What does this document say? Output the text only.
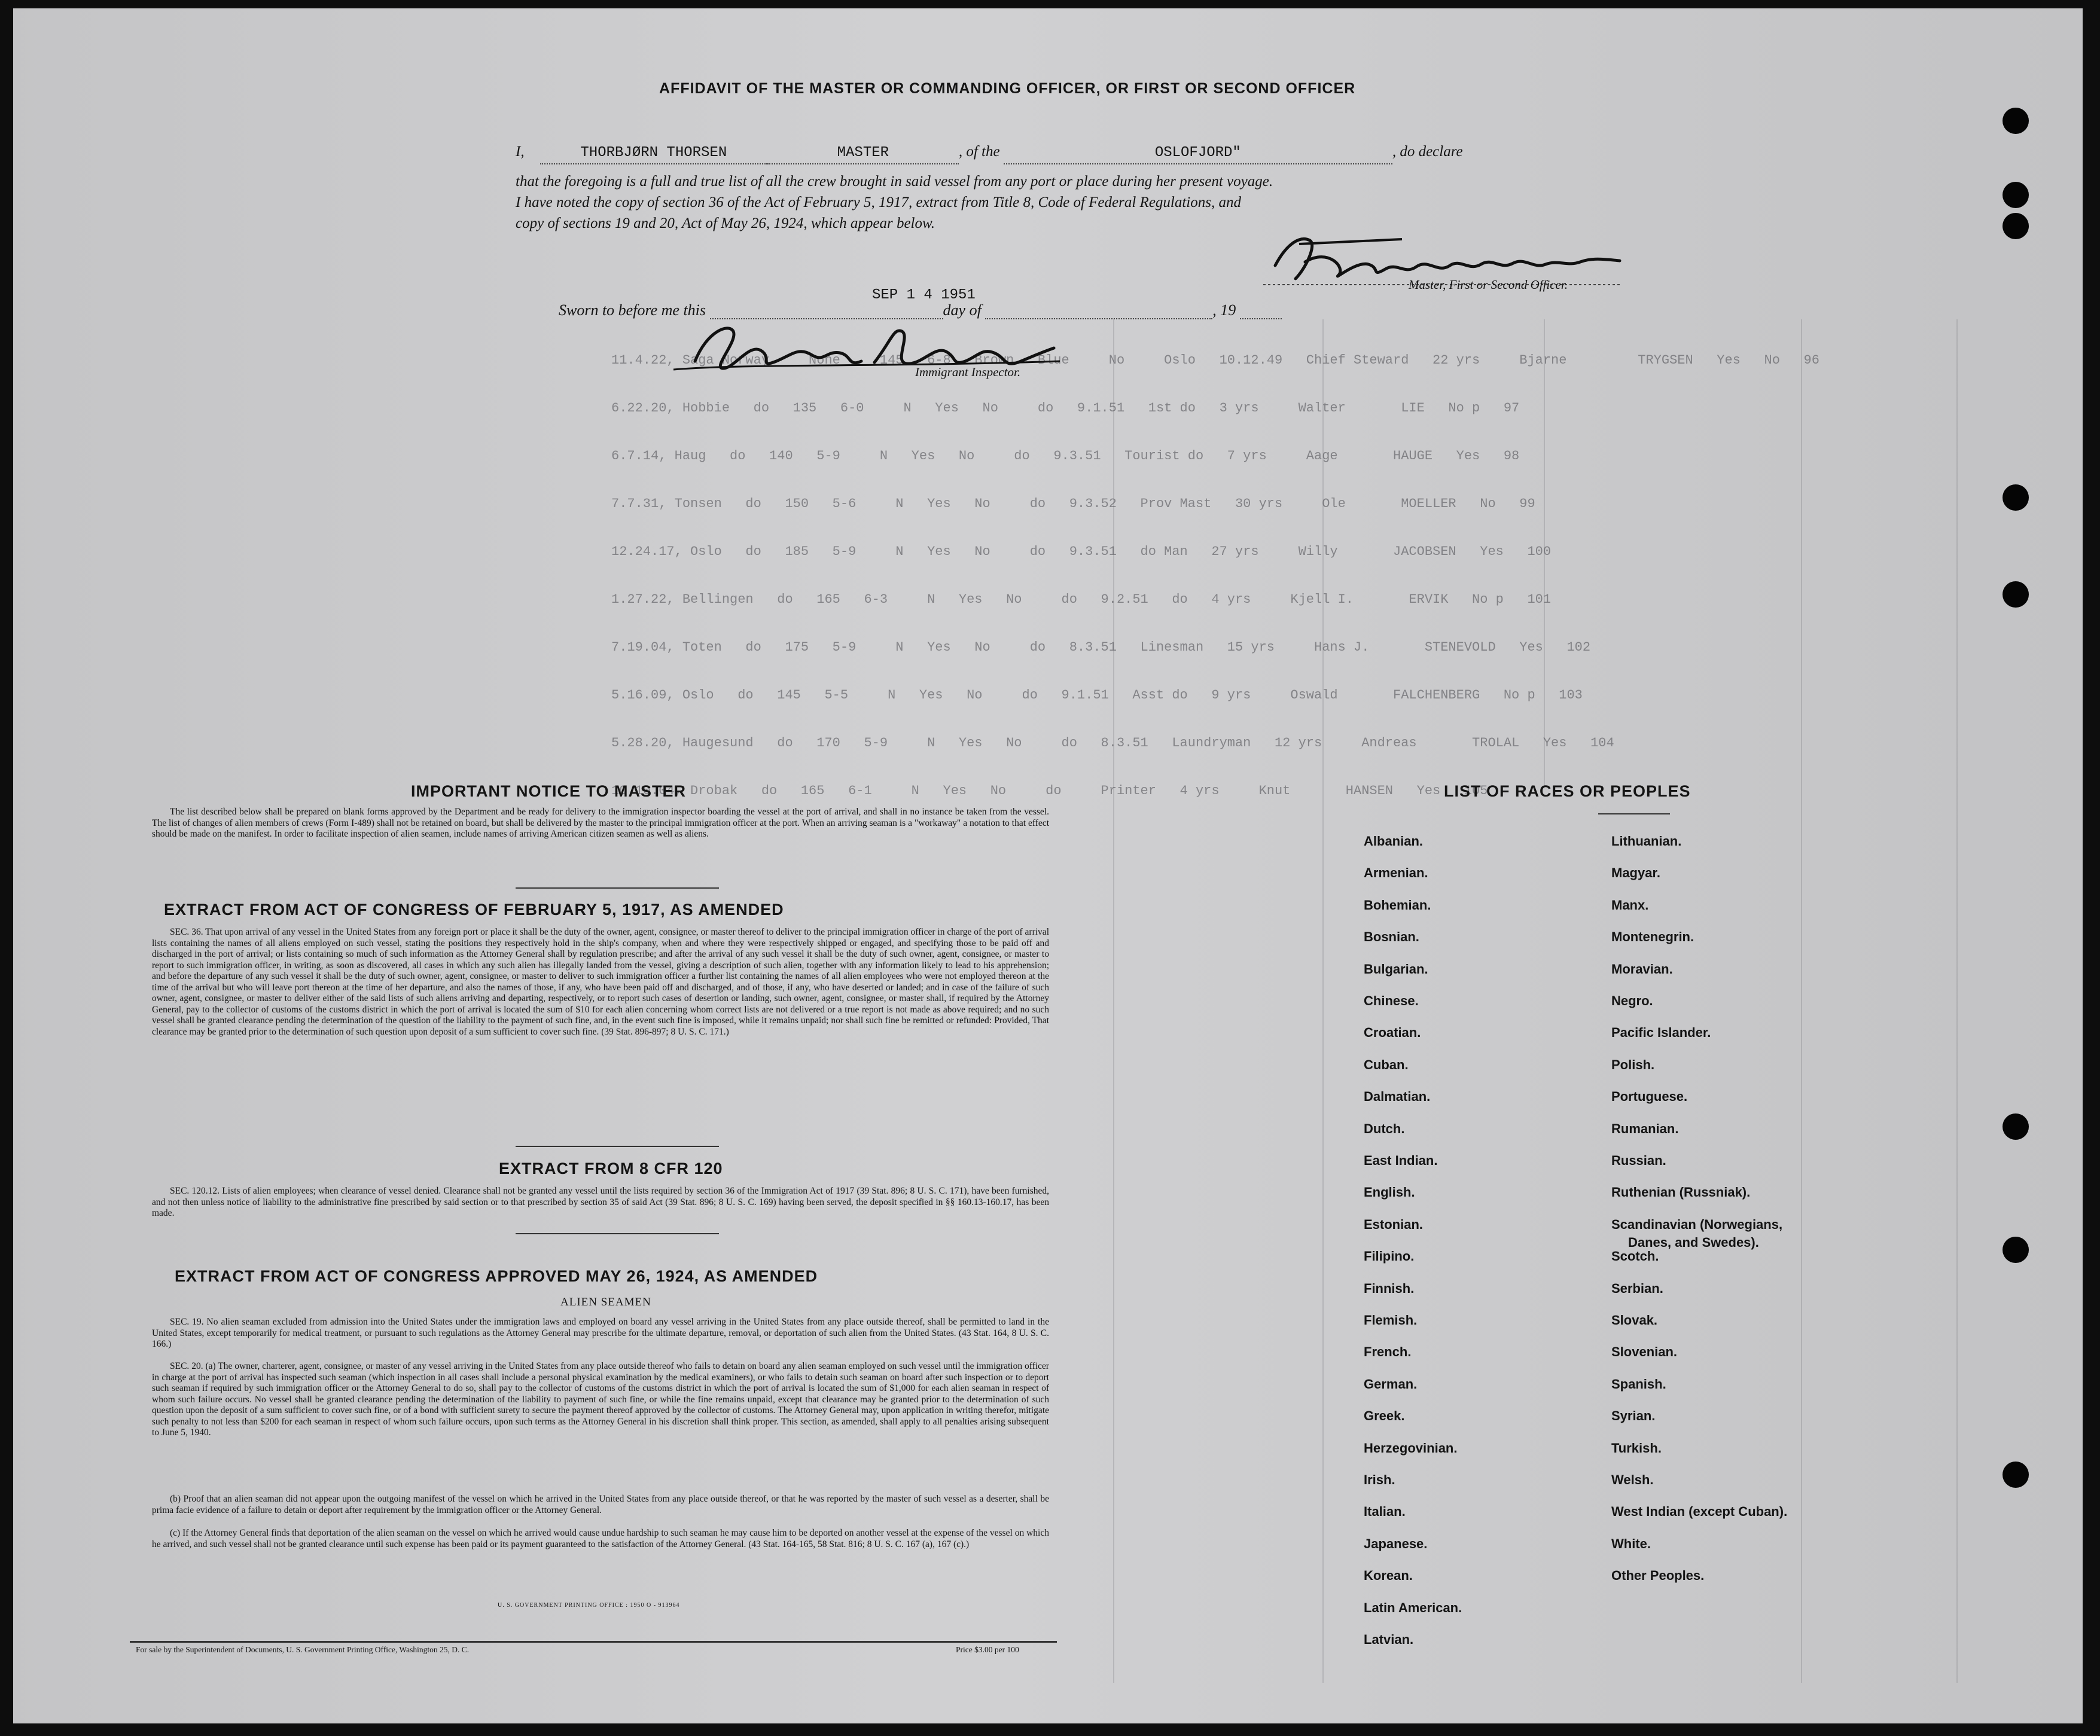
11.4.22, Saga Norway     None     145   6-8   Brown   Blue     No     Oslo   10.12.49   Chief Steward   22 yrs     Bjarne         TRYGSEN   Yes   No   96
6.22.20, Hobbie   do   135   6-0     N   Yes   No     do   9.1.51   1st do   3 yrs     Walter       LIE   No p   97
6.7.14, Haug   do   140   5-9     N   Yes   No     do   9.3.51   Tourist do   7 yrs     Aage       HAUGE   Yes   98
7.7.31, Tonsen   do   150   5-6     N   Yes   No     do   9.3.52   Prov Mast   30 yrs     Ole       MOELLER   No   99
12.24.17, Oslo   do   185   5-9     N   Yes   No     do   9.3.51   do Man   27 yrs     Willy       JACOBSEN   Yes   100
1.27.22, Bellingen   do   165   6-3     N   Yes   No     do   9.2.51   do   4 yrs     Kjell I.       ERVIK   No p   101
7.19.04, Toten   do   175   5-9     N   Yes   No     do   8.3.51   Linesman   15 yrs     Hans J.       STENEVOLD   Yes   102
5.16.09, Oslo   do   145   5-5     N   Yes   No     do   9.1.51   Asst do   9 yrs     Oswald       FALCHENBERG   No p   103
5.28.20, Haugesund   do   170   5-9     N   Yes   No     do   8.3.51   Laundryman   12 yrs     Andreas       TROLAL   Yes   104
10.10.04, Drobak   do   165   6-1     N   Yes   No     do     Printer   4 yrs     Knut       HANSEN   Yes   105
AFFIDAVIT OF THE MASTER OR COMMANDING OFFICER, OR FIRST OR SECOND OFFICER
I,	THORBJØRN THORSEN	MASTER	, of the	OSLOFJORD"	, do declare
that the foregoing is a full and true list of all the crew brought in said vessel from any port or place during her present voyage.
I have noted the copy of section 36 of the Act of February 5, 1917, extract from Title 8, Code of Federal Regulations, and
copy of sections 19 and 20, Act of May 26, 1924, which appear below.
Master, First or Second Officer.
Sworn to before me this	day of	, 19
SEP 1 4 1951
Immigrant Inspector.
IMPORTANT NOTICE TO MASTER
The list described below shall be prepared on blank forms approved by the Department and be ready for delivery to the immigration inspector boarding the vessel at the port of arrival, and shall in no instance be taken from the vessel. The list of changes of alien members of crews (Form I-489) shall not be retained on board, but shall be delivered by the master to the principal immigration officer at the port. When an arriving seaman is a "workaway" a notation to that effect should be made on the manifest. In order to facilitate inspection of alien seamen, include names of arriving American citizen seamen as well as aliens.
EXTRACT FROM ACT OF CONGRESS OF FEBRUARY 5, 1917, AS AMENDED
SEC. 36. That upon arrival of any vessel in the United States from any foreign port or place it shall be the duty of the owner, agent, consignee, or master thereof to deliver to the principal immigration officer in charge of the port of arrival lists containing the names of all aliens employed on such vessel, stating the positions they respectively hold in the ship's company, when and where they were respectively shipped or engaged, and specifying those to be paid off and discharged in the port of arrival; or lists containing so much of such information as the Attorney General shall by regulation prescribe; and after the arrival of any such vessel it shall be the duty of such owner, agent, consignee, or master to report to such immigration officer, in writing, as soon as discovered, all cases in which any such alien has illegally landed from the vessel, giving a description of such alien, together with any information likely to lead to his apprehension; and before the departure of any such vessel it shall be the duty of such owner, agent, consignee, or master to deliver to such immigration officer a further list containing the names of all alien employees who were not employed thereon at the time of the arrival but who will leave port thereon at the time of her departure, and also the names of those, if any, who have been paid off and discharged, and of those, if any, who have deserted or landed; and in case of the failure of such owner, agent, consignee, or master to deliver either of the said lists of such aliens arriving and departing, respectively, or to report such cases of desertion or landing, such owner, agent, consignee, or master shall, if required by the Attorney General, pay to the collector of customs of the customs district in which the port of arrival is located the sum of $10 for each alien concerning whom correct lists are not delivered or a true report is not made as above required; and no such vessel shall be granted clearance pending the determination of the question of the liability to the payment of such fine, and, in the event such fine is imposed, while it remains unpaid; nor shall such fine be remitted or refunded: Provided, That clearance may be granted prior to the determination of such question upon deposit of a sum sufficient to cover such fine. (39 Stat. 896-897; 8 U. S. C. 171.)
EXTRACT FROM 8 CFR 120
SEC. 120.12. Lists of alien employees; when clearance of vessel denied. Clearance shall not be granted any vessel until the lists required by section 36 of the Immigration Act of 1917 (39 Stat. 896; 8 U. S. C. 171), have been furnished, and not then unless notice of liability to the administrative fine prescribed by said section or to that prescribed by section 35 of said Act (39 Stat. 896; 8 U. S. C. 169) having been served, the deposit specified in §§ 160.13-160.17, has been made.
EXTRACT FROM ACT OF CONGRESS APPROVED MAY 26, 1924, AS AMENDED
ALIEN SEAMEN
SEC. 19. No alien seaman excluded from admission into the United States under the immigration laws and employed on board any vessel arriving in the United States from any place outside thereof, shall be permitted to land in the United States, except temporarily for medical treatment, or pursuant to such regulations as the Attorney General may prescribe for the ultimate departure, removal, or deportation of such alien from the United States. (43 Stat. 164, 8 U. S. C. 166.)
SEC. 20. (a) The owner, charterer, agent, consignee, or master of any vessel arriving in the United States from any place outside thereof who fails to detain on board any alien seaman employed on such vessel until the immigration officer in charge at the port of arrival has inspected such seaman (which inspection in all cases shall include a personal physical examination by the medical examiners), or who fails to detain such seaman on board after such inspection or to deport such seaman if required by such immigration officer or the Attorney General to do so, shall pay to the collector of customs of the customs district in which the port of arrival is located the sum of $1,000 for each alien seaman in respect of whom such failure occurs. No vessel shall be granted clearance pending the determination of the liability to payment of such fine, or while the fine remains unpaid, except that clearance may be granted prior to the determination of such question upon the deposit of a sum sufficient to cover such fine, or of a bond with sufficient surety to secure the payment thereof approved by the collector of customs. The Attorney General may, upon application in writing therefor, mitigate such penalty to not less than $200 for each seaman in respect of whom such failure occurs, upon such terms as the Attorney General in his discretion shall think proper. This section, as amended, shall apply to all penalties arising subsequent to June 5, 1940.
(b) Proof that an alien seaman did not appear upon the outgoing manifest of the vessel on which he arrived in the United States from any place outside thereof, or that he was reported by the master of such vessel as a deserter, shall be prima facie evidence of a failure to detain or deport after requirement by the immigration officer or the Attorney General.
(c) If the Attorney General finds that deportation of the alien seaman on the vessel on which he arrived would cause undue hardship to such seaman he may cause him to be deported on another vessel at the expense of the vessel on which he arrived, and such vessel shall not be granted clearance until such expense has been paid or its payment guaranteed to the satisfaction of the Attorney General. (43 Stat. 164-165, 58 Stat. 816; 8 U. S. C. 167 (a), 167 (c).)
U. S. GOVERNMENT PRINTING OFFICE : 1950 O - 913964
For sale by the Superintendent of Documents, U. S. Government Printing Office, Washington 25, D. C.	Price $3.00 per 100
LIST OF RACES OR PEOPLES
Albanian.
Armenian.
Bohemian.
Bosnian.
Bulgarian.
Chinese.
Croatian.
Cuban.
Dalmatian.
Dutch.
East Indian.
English.
Estonian.
Filipino.
Finnish.
Flemish.
French.
German.
Greek.
Herzegovinian.
Irish.
Italian.
Japanese.
Korean.
Latin American.
Latvian.
Lithuanian.
Magyar.
Manx.
Montenegrin.
Moravian.
Negro.
Pacific Islander.
Polish.
Portuguese.
Rumanian.
Russian.
Ruthenian (Russniak).
Scandinavian (Norwegians,
Danes, and Swedes).
Scotch.
Serbian.
Slovak.
Slovenian.
Spanish.
Syrian.
Turkish.
Welsh.
West Indian (except Cuban).
White.
Other Peoples.
